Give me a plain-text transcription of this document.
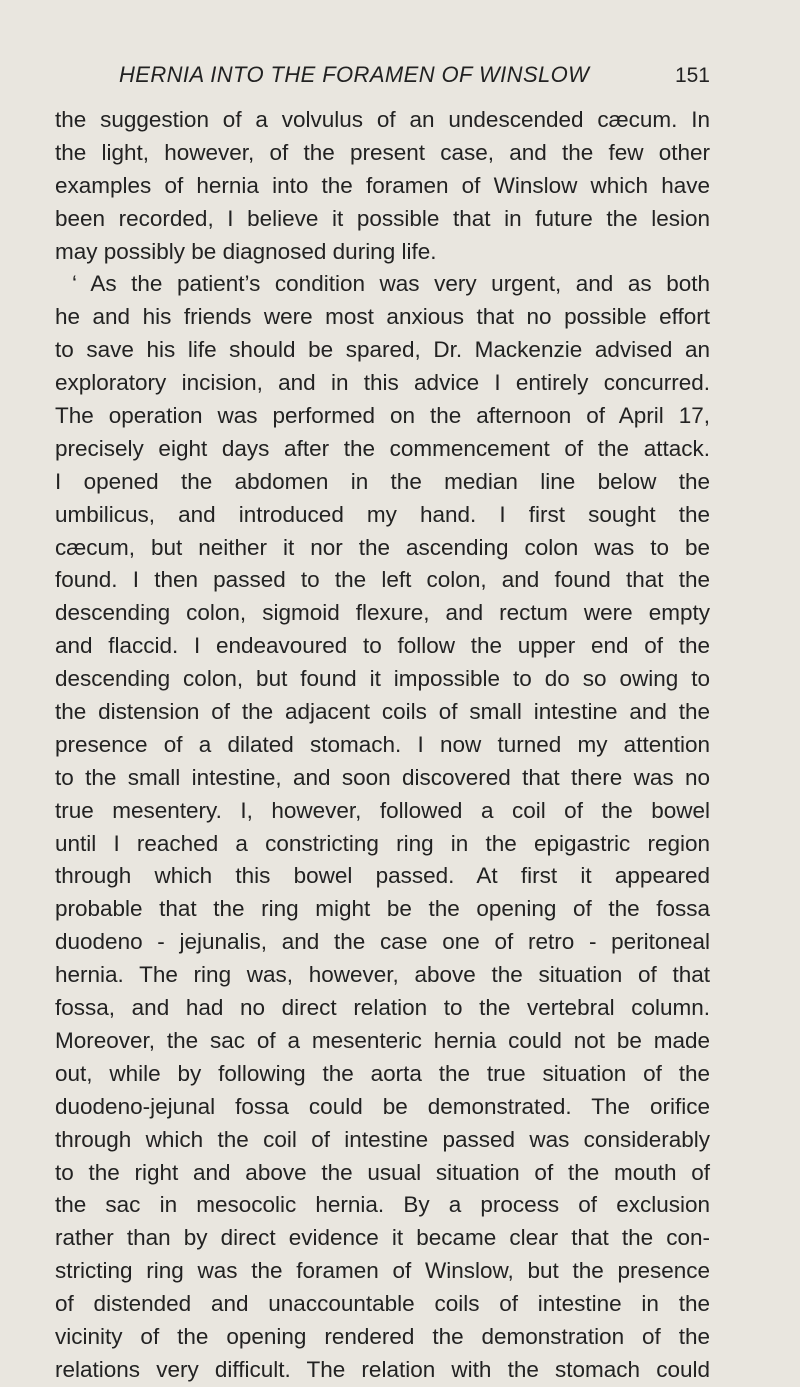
HERNIA INTO THE FORAMEN OF WINSLOW	151
the suggestion of a volvulus of an undescended cæcum. In
the light, however, of the present case, and the few other
examples of hernia into the foramen of Winslow which have
been recorded, I believe it possible that in future the lesion
may possibly be diagnosed during life.
‘ As the patient’s condition was very urgent, and as both
he and his friends were most anxious that no possible effort
to save his life should be spared, Dr. Mackenzie advised an
exploratory incision, and in this advice I entirely concurred.
The operation was performed on the afternoon of April 17,
precisely eight days after the commencement of the attack.
I opened the abdomen in the median line below the
umbilicus, and introduced my hand. I first sought the
cæcum, but neither it nor the ascending colon was to be
found. I then passed to the left colon, and found that the
descending colon, sigmoid flexure, and rectum were empty
and flaccid. I endeavoured to follow the upper end of the
descending colon, but found it impossible to do so owing to
the distension of the adjacent coils of small intestine and the
presence of a dilated stomach. I now turned my attention
to the small intestine, and soon discovered that there was no
true mesentery. I, however, followed a coil of the bowel
until I reached a constricting ring in the epigastric region
through which this bowel passed. At first it appeared
probable that the ring might be the opening of the fossa
duodeno - jejunalis, and the case one of retro - peritoneal
hernia. The ring was, however, above the situation of that
fossa, and had no direct relation to the vertebral column.
Moreover, the sac of a mesenteric hernia could not be made
out, while by following the aorta the true situation of the
duodeno-jejunal fossa could be demonstrated. The orifice
through which the coil of intestine passed was considerably
to the right and above the usual situation of the mouth of
the sac in mesocolic hernia. By a process of exclusion
rather than by direct evidence it became clear that the con-
stricting ring was the foramen of Winslow, but the presence
of distended and unaccountable coils of intestine in the
vicinity of the opening rendered the demonstration of the
relations very difficult. The relation with the stomach could
